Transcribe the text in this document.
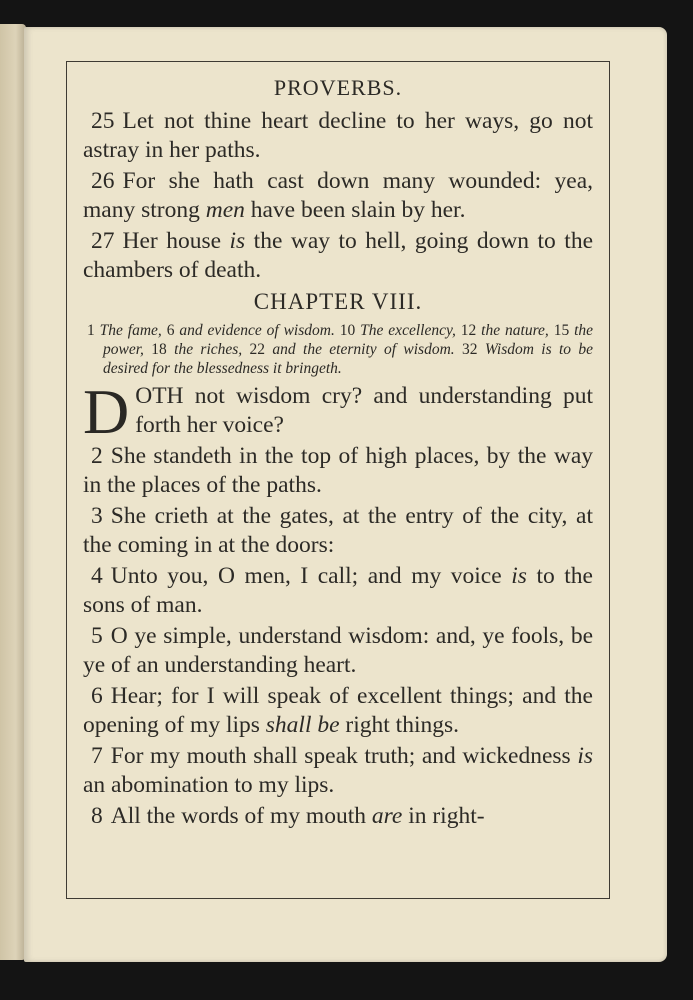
PROVERBS.

25 Let not thine heart decline to her ways, go not astray in her paths.

26 For she hath cast down many wounded: yea, many strong men have been slain by her.

27 Her house is the way to hell, going down to the chambers of death.

CHAPTER VIII.

1 The fame, 6 and evidence of wisdom. 10 The excellency, 12 the nature, 15 the power, 18 the riches, 22 and the eternity of wisdom. 32 Wisdom is to be desired for the blessedness it bringeth.

DOTH not wisdom cry? and understanding put forth her voice?

2 She standeth in the top of high places, by the way in the places of the paths.

3 She crieth at the gates, at the entry of the city, at the coming in at the doors:

4 Unto you, O men, I call; and my voice is to the sons of man.

5 O ye simple, understand wisdom: and, ye fools, be ye of an understanding heart.

6 Hear; for I will speak of excellent things; and the opening of my lips shall be right things.

7 For my mouth shall speak truth; and wickedness is an abomination to my lips.

8 All the words of my mouth are in right-
